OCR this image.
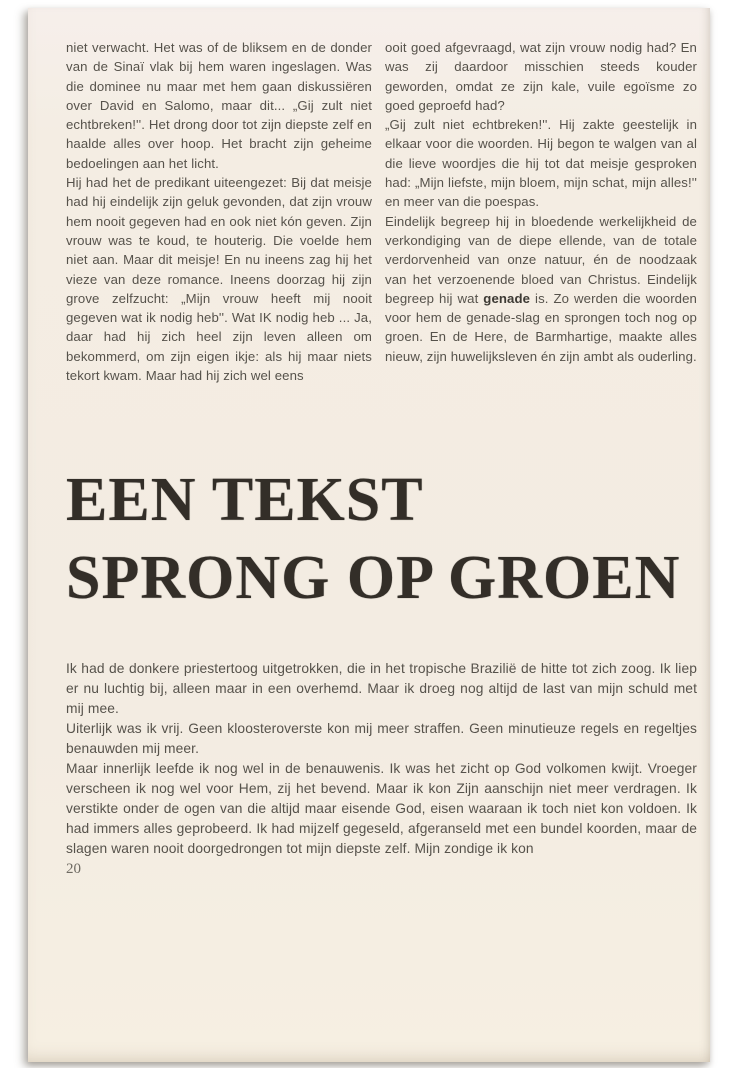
niet verwacht. Het was of de bliksem en de donder van de Sinaï vlak bij hem waren ingeslagen. Was die dominee nu maar met hem gaan diskussiëren over David en Salomo, maar dit... „Gij zult niet echtbreken!''. Het drong door tot zijn diepste zelf en haalde alles over hoop. Het bracht zijn geheime bedoelingen aan het licht.

Hij had het de predikant uiteengezet: Bij dat meisje had hij eindelijk zijn geluk gevonden, dat zijn vrouw hem nooit gegeven had en ook niet kón geven. Zijn vrouw was te koud, te houterig. Die voelde hem niet aan. Maar dit meisje! En nu ineens zag hij het vieze van deze romance. Ineens doorzag hij zijn grove zelfzucht: „Mijn vrouw heeft mij nooit gegeven wat ik nodig heb''. Wat IK nodig heb ... Ja, daar had hij zich heel zijn leven alleen om bekommerd, om zijn eigen ikje: als hij maar niets tekort kwam. Maar had hij zich wel eens

ooit goed afgevraagd, wat zijn vrouw nodig had? En was zij daardoor misschien steeds kouder geworden, omdat ze zijn kale, vuile egoïsme zo goed geproefd had?

„Gij zult niet echtbreken!''. Hij zakte geestelijk in elkaar voor die woorden. Hij begon te walgen van al die lieve woordjes die hij tot dat meisje gesproken had: „Mijn liefste, mijn bloem, mijn schat, mijn alles!'' en meer van die poespas.

Eindelijk begreep hij in bloedende werkelijkheid de verkondiging van de diepe ellende, van de totale verdorvenheid van onze natuur, én de noodzaak van het verzoenende bloed van Christus. Eindelijk begreep hij wat genade is. Zo werden die woorden voor hem de genade-slag en sprongen toch nog op groen. En de Here, de Barmhartige, maakte alles nieuw, zijn huwelijksleven én zijn ambt als ouderling.

EEN TEKST
SPRONG OP GROEN

Ik had de donkere priestertoog uitgetrokken, die in het tropische Brazilië de hitte tot zich zoog. Ik liep er nu luchtig bij, alleen maar in een overhemd. Maar ik droeg nog altijd de last van mijn schuld met mij mee.

Uiterlijk was ik vrij. Geen kloosteroverste kon mij meer straffen. Geen minutieuze regels en regeltjes benauwden mij meer.

Maar innerlijk leefde ik nog wel in de benauwenis. Ik was het zicht op God volkomen kwijt. Vroeger verscheen ik nog wel voor Hem, zij het bevend. Maar ik kon Zijn aanschijn niet meer verdragen. Ik verstikte onder de ogen van die altijd maar eisende God, eisen waaraan ik toch niet kon voldoen. Ik had immers alles geprobeerd. Ik had mijzelf gegeseld, afgeranseld met een bundel koorden, maar de slagen waren nooit doorgedrongen tot mijn diepste zelf. Mijn zondige ik kon

20
